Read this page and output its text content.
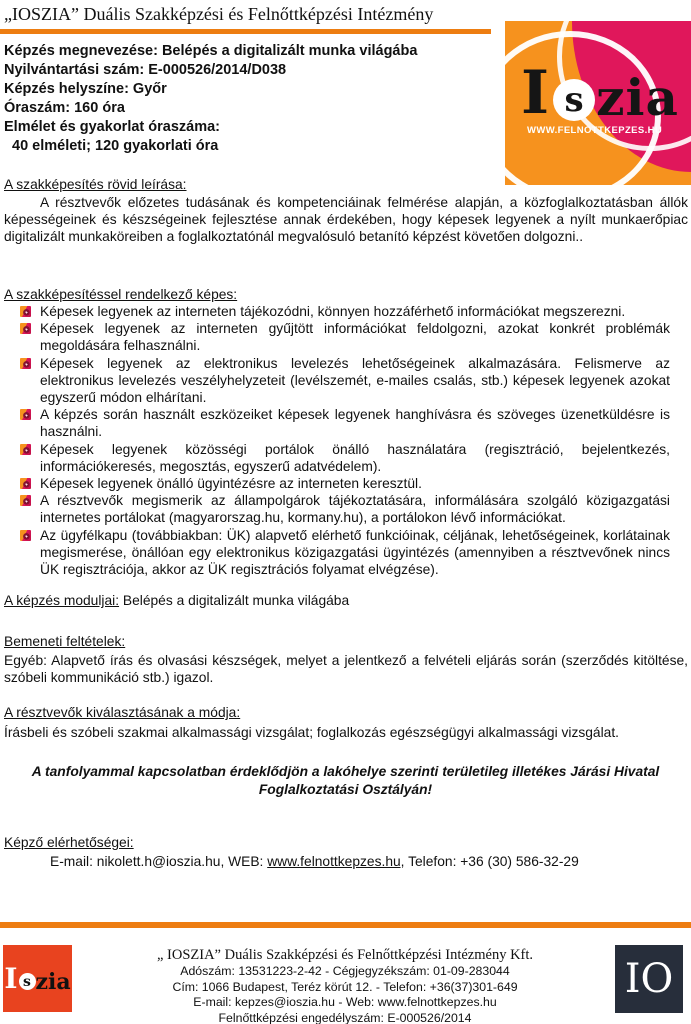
„IOSZIA” Duális Szakképzési és Felnőttképzési Intézmény
I s zia
WWW.FELNOTTKEPZES.HU
Képzés megnevezése: Belépés a digitalizált munka világába
Nyilvántartási szám: E-000526/2014/D038
Képzés helyszíne: Győr
Óraszám: 160 óra
Elmélet és gyakorlat óraszáma:
40 elméleti; 120 gyakorlati óra
A szakképesítés rövid leírása:
A résztvevők előzetes tudásának és kompetenciáinak felmérése alapján, a közfoglalkoztatásban állók képességeinek és készségeinek fejlesztése annak érdekében, hogy képesek legyenek a nyílt munkaerőpiac digitalizált munkaköreiben a foglalkoztatónál megvalósuló betanító képzést követően dolgozni..
A szakképesítéssel rendelkező képes:
Képesek legyenek az interneten tájékozódni, könnyen hozzáférhető információkat megszerezni.
Képesek legyenek az interneten gyűjtött információkat feldolgozni, azokat konkrét problémák megoldására felhasználni.
Képesek legyenek az elektronikus levelezés lehetőségeinek alkalmazására. Felismerve az elektronikus levelezés veszélyhelyzeteit (levélszemét, e-mailes csalás, stb.) képesek legyenek azokat egyszerű módon elhárítani.
A képzés során használt eszközeiket képesek legyenek hanghívásra és szöveges üzenetküldésre is használni.
Képesek legyenek közösségi portálok önálló használatára (regisztráció, bejelentkezés, információkeresés, megosztás, egyszerű adatvédelem).
Képesek legyenek önálló ügyintézésre az interneten keresztül.
A résztvevők megismerik az állampolgárok tájékoztatására, informálására szolgáló közigazgatási internetes portálokat (magyarorszag.hu, kormany.hu), a portálokon lévő információkat.
Az ügyfélkapu (továbbiakban: ÜK) alapvető elérhető funkcióinak, céljának, lehetőségeinek, korlátainak megismerése, önállóan egy elektronikus közigazgatási ügyintézés (amennyiben a résztvevőnek nincs ÜK regisztrációja, akkor az ÜK regisztrációs folyamat elvégzése).
A képzés moduljai: Belépés a digitalizált munka világába
Bemeneti feltételek:
Egyéb: Alapvető írás és olvasási készségek, melyet a jelentkező a felvételi eljárás során (szerződés kitöltése, szóbeli kommunikáció stb.) igazol.
A résztvevők kiválasztásának a módja:
Írásbeli és szóbeli szakmai alkalmassági vizsgálat; foglalkozás egészségügyi alkalmassági vizsgálat.
A tanfolyammal kapcsolatban érdeklődjön a lakóhelye szerinti területileg illetékes Járási Hivatal Foglalkoztatási Osztályán!
Képző elérhetőségei:
E-mail: nikolett.h@ioszia.hu, WEB: www.felnottkepzes.hu, Telefon: +36 (30) 586-32-29
I s zia
„ IOSZIA” Duális Szakképzési és Felnőttképzési Intézmény Kft.
Adószám: 13531223-2-42 - Cégjegyzékszám: 01-09-283044
Cím: 1066 Budapest, Teréz körút 12. - Telefon: +36(37)301-649
E-mail: kepzes@ioszia.hu - Web: www.felnottkepzes.hu
Felnőttképzési engedélyszám: E-000526/2014
IO
